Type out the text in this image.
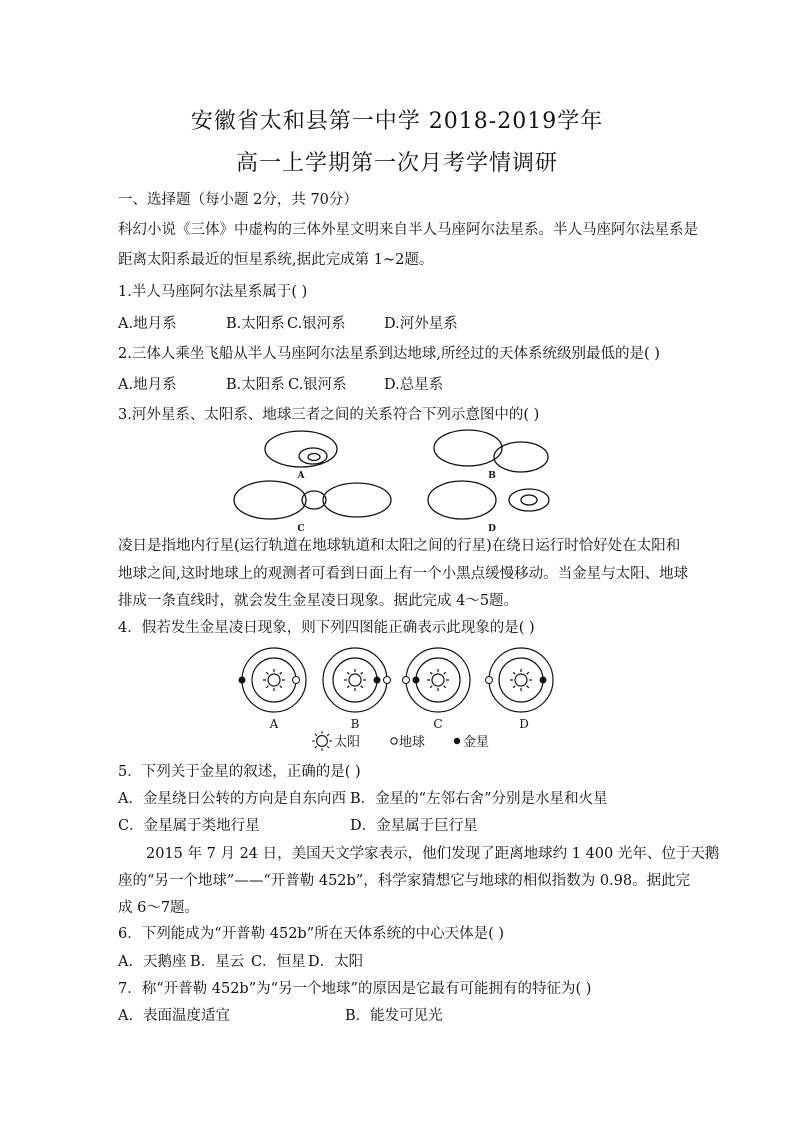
安徽省太和县第一中学 2018-2019学年
高一上学期第一次月考学情调研
一、选择题（每小题 2分，共 70分）
科幻小说《三体》中虚构的三体外星文明来自半人马座阿尔法星系。半人马座阿尔法星系是
距离太阳系最近的恒星系统,据此完成第 1~2题。
1.半人马座阿尔法星系属于( )
A.地月系	B.太阳系 C.银河系	D.河外星系
2.三体人乘坐飞船从半人马座阿尔法星系到达地球,所经过的天体系统级别最低的是( )
A.地月系	B.太阳系 C.银河系	D.总星系
3.河外星系、太阳系、地球三者之间的关系符合下列示意图中的( )
A	B
C	D
凌日是指地内行星(运行轨道在地球轨道和太阳之间的行星)在绕日运行时恰好处在太阳和
地球之间,这时地球上的观测者可看到日面上有一个小黑点缓慢移动。当金星与太阳、地球
排成一条直线时，就会发生金星凌日现象。据此完成 4～5题。
4．假若发生金星凌日现象，则下列四图能正确表示此现象的是( )
A	B	C	D
太阳	地球	金星
5．下列关于金星的叙述，正确的是( )
A．金星绕日公转的方向是自东向西 B．金星的“左邻右舍”分别是水星和火星
C．金星属于类地行星	D．金星属于巨行星
2015 年 7 月 24 日，美国天文学家表示，他们发现了距离地球约 1 400 光年、位于天鹅
座的“另一个地球”——“开普勒 452b”，科学家猜想它与地球的相似指数为 0.98。据此完
成 6～7题。
6．下列能成为“开普勒 452b”所在天体系统的中心天体是( )
A．天鹅座 B．星云 C．恒星 D．太阳
7．称“开普勒 452b”为“另一个地球”的原因是它最有可能拥有的特征为( )
A．表面温度适宜	B．能发可见光
